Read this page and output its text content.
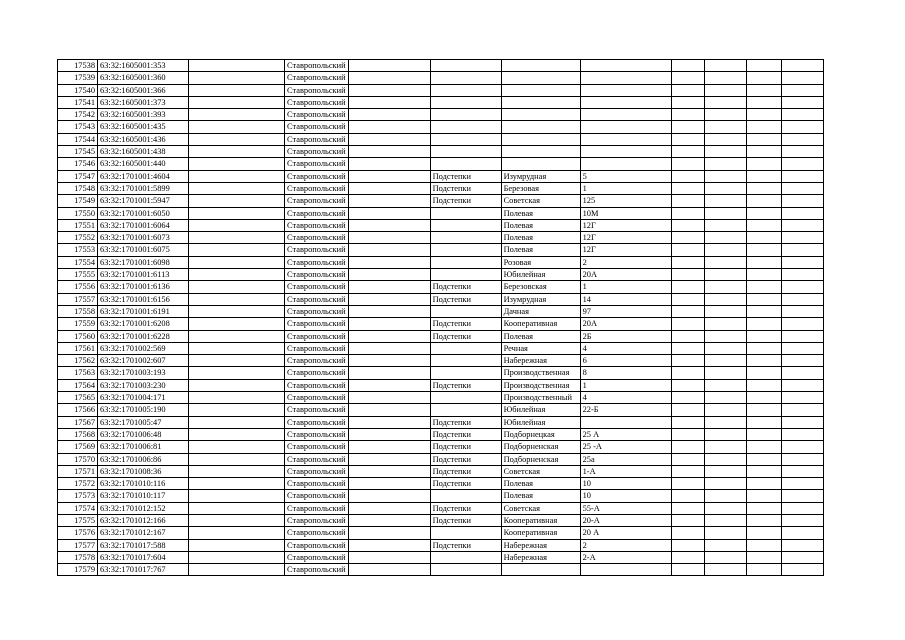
17538	63:32:1605001:353		Ставропольский								
17539	63:32:1605001:360		Ставропольский								
17540	63:32:1605001:366		Ставропольский								
17541	63:32:1605001:373		Ставропольский								
17542	63:32:1605001:393		Ставропольский								
17543	63:32:1605001:435		Ставропольский								
17544	63:32:1605001:436		Ставропольский								
17545	63:32:1605001:438		Ставропольский								
17546	63:32:1605001:440		Ставропольский								
17547	63:32:1701001:4604		Ставропольский		Подстепки	Изумрудная	5				
17548	63:32:1701001:5899		Ставропольский		Подстепки	Березовая	1				
17549	63:32:1701001:5947		Ставропольский		Подстепки	Советская	125				
17550	63:32:1701001:6050		Ставропольский			Полевая	10М				
17551	63:32:1701001:6064		Ставропольский			Полевая	12Г				
17552	63:32:1701001:6073		Ставропольский			Полевая	12Г				
17553	63:32:1701001:6075		Ставропольский			Полевая	12Г				
17554	63:32:1701001:6098		Ставропольский			Розовая	2				
17555	63:32:1701001:6113		Ставропольский			Юбилейная	20А				
17556	63:32:1701001:6136		Ставропольский		Подстепки	Березовская	1				
17557	63:32:1701001:6156		Ставропольский		Подстепки	Изумрудная	14				
17558	63:32:1701001:6191		Ставропольский			Дачная	97				
17559	63:32:1701001:6208		Ставропольский		Подстепки	Кооперативная	20А				
17560	63:32:1701001:6228		Ставропольский		Подстепки	Полевая	2Б				
17561	63:32:1701002:569		Ставропольский			Речная	4				
17562	63:32:1701002:607		Ставропольский			Набережная	6				
17563	63:32:1701003:193		Ставропольский			Производственная	8				
17564	63:32:1701003:230		Ставропольский		Подстепки	Производственная	1				
17565	63:32:1701004:171		Ставропольский			Производственный	4				
17566	63:32:1701005:190		Ставропольский			Юбилейная	22-Б				
17567	63:32:1701005:47		Ставропольский		Подстепки	Юбилейная					
17568	63:32:1701006:48		Ставропольский		Подстепки	Подборнецкая	25 А				
17569	63:32:1701006:81		Ставропольский		Подстепки	Подборненская	25 -А				
17570	63:32:1701006:86		Ставропольский		Подстепки	Подборненская	25а				
17571	63:32:1701008:36		Ставропольский		Подстепки	Советская	1-А				
17572	63:32:1701010:116		Ставропольский		Подстепки	Полевая	10				
17573	63:32:1701010:117		Ставропольский			Полевая	10				
17574	63:32:1701012:152		Ставропольский		Подстепки	Советская	55-А				
17575	63:32:1701012:166		Ставропольский		Подстепки	Кооперативная	20-А				
17576	63:32:1701012:167		Ставропольский			Кооперативная	20 А				
17577	63:32:1701017:588		Ставропольский		Подстепки	Набережная	2				
17578	63:32:1701017:604		Ставропольский			Набережная	2-А				
17579	63:32:1701017:767		Ставропольский								
